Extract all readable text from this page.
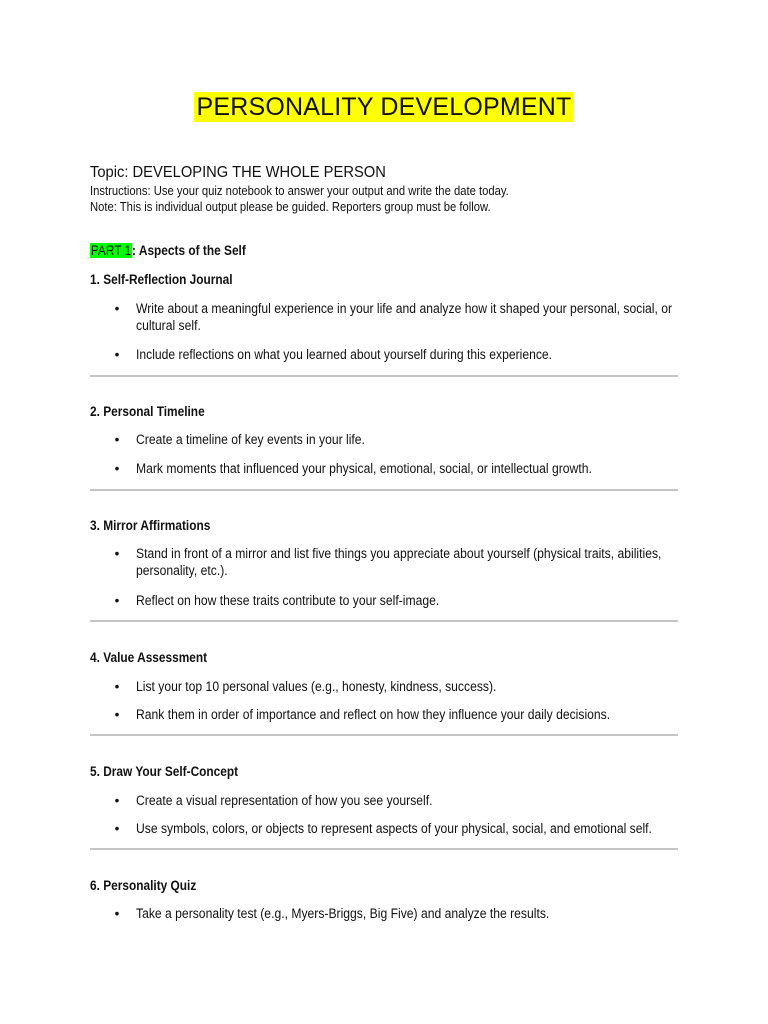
PERSONALITY DEVELOPMENT
Topic: DEVELOPING THE WHOLE PERSON
Instructions: Use your quiz notebook to answer your output and write the date today.
Note: This is individual output please be guided. Reporters group must be follow.
PART 1: Aspects of the Self
1. Self-Reflection Journal
• Write about a meaningful experience in your life and analyze how it shaped your personal, social, or cultural self.
• Include reflections on what you learned about yourself during this experience.
2. Personal Timeline
• Create a timeline of key events in your life.
• Mark moments that influenced your physical, emotional, social, or intellectual growth.
3. Mirror Affirmations
• Stand in front of a mirror and list five things you appreciate about yourself (physical traits, abilities, personality, etc.).
• Reflect on how these traits contribute to your self-image.
4. Value Assessment
• List your top 10 personal values (e.g., honesty, kindness, success).
• Rank them in order of importance and reflect on how they influence your daily decisions.
5. Draw Your Self-Concept
• Create a visual representation of how you see yourself.
• Use symbols, colors, or objects to represent aspects of your physical, social, and emotional self.
6. Personality Quiz
• Take a personality test (e.g., Myers-Briggs, Big Five) and analyze the results.
